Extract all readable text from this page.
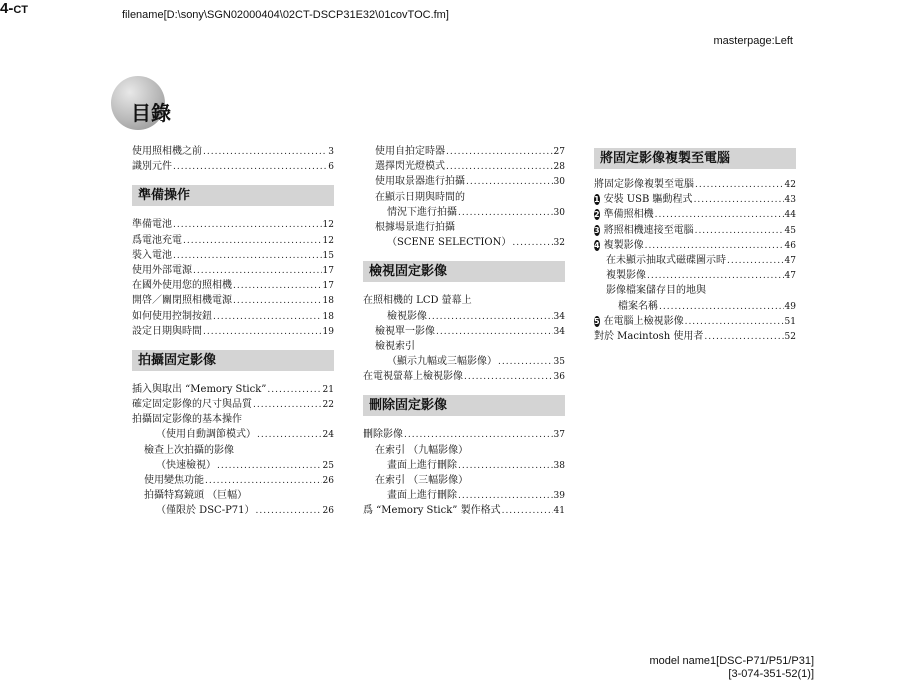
filename[D:\sony\SGN02000404\02CT-DSCP31E32\01covTOC.fm]
masterpage:Left
目錄
使用照相機之前 .....	3
識別元件 .....	6
準備操作
準備電池 .....	12
爲電池充電 .....	12
裝入電池 .....	15
使用外部電源 .....	17
在國外使用您的照相機 .....	17
開啓／關閉照相機電源 .....	18
如何使用控制按鈕 .....	18
設定日期與時間 .....	19
拍攝固定影像
插入與取出 “Memory Stick” .....	21
確定固定影像的尺寸與品質 .....	22
拍攝固定影像的基本操作
（使用自動調節模式） .....	24
檢查上次拍攝的影像
（快速檢視） .....	25
使用變焦功能 .....	26
拍攝特寫鏡頭 （巨幅）
（僅限於 DSC-P71） .....	26
使用自拍定時器 .....	27
選擇閃光燈模式 .....	28
使用取景器進行拍攝 .....	30
在顯示日期與時間的
情況下進行拍攝 .....	30
根據場景進行拍攝
（SCENE SELECTION） .....	32
檢視固定影像
在照相機的 LCD 螢幕上
檢視影像 .....	34
檢視單一影像 .....	34
檢視索引
（顯示九幅或三幅影像） .....	35
在電視螢幕上檢視影像 .....	36
刪除固定影像
刪除影像 .....	37
在索引 （九幅影像）
畫面上進行刪除 .....	38
在索引 （三幅影像）
畫面上進行刪除 .....	39
爲 “Memory Stick” 製作格式 .....	41
將固定影像複製至電腦
將固定影像複製至電腦 .....	42
1 安裝 USB 驅動程式 .....	43
2 準備照相機 .....	44
3 將照相機連接至電腦 .....	45
4 複製影像 .....	46
在未顯示抽取式磁碟圖示時 .....	47
複製影像 .....	47
影像檔案儲存目的地與
檔案名稱 .....	49
5 在電腦上檢視影像 .....	51
對於 Macintosh 使用者 .....	52
4-CT
model name1[DSC-P71/P51/P31]
[3-074-351-52(1)]
